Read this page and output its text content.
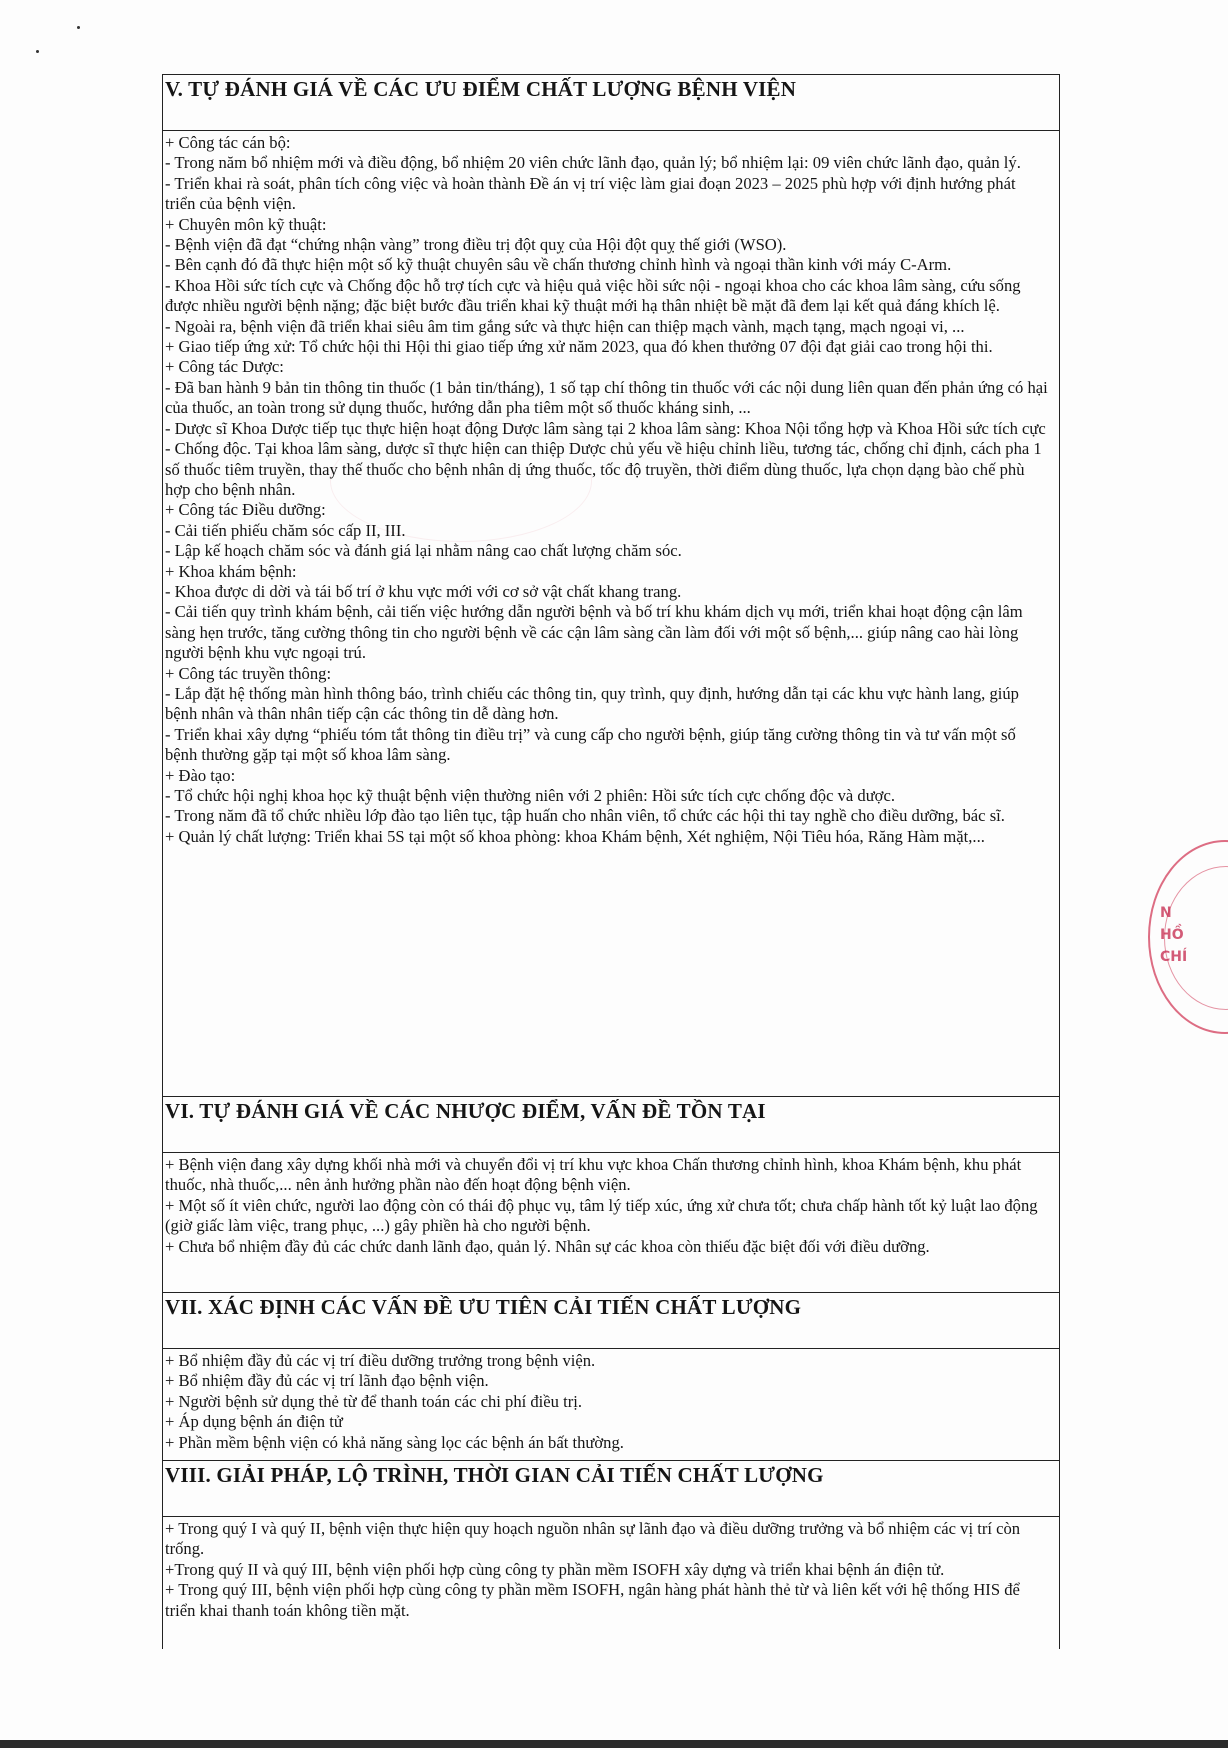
V. TỰ ĐÁNH GIÁ VỀ CÁC ƯU ĐIỂM CHẤT LƯỢNG BỆNH VIỆN

+ Công tác cán bộ:

- Trong năm bổ nhiệm mới và điều động, bổ nhiệm 20 viên chức lãnh đạo, quản lý; bổ nhiệm lại: 09 viên chức lãnh đạo, quản lý.

- Triển khai rà soát, phân tích công việc và hoàn thành Đề án vị trí việc làm giai đoạn 2023 – 2025 phù hợp với định hướng phát triển của bệnh viện.

+ Chuyên môn kỹ thuật:

- Bệnh viện đã đạt “chứng nhận vàng” trong điều trị đột quỵ của Hội đột quỵ thế giới (WSO).

- Bên cạnh đó đã thực hiện một số kỹ thuật chuyên sâu về chấn thương chỉnh hình và ngoại thần kinh với máy C-Arm.

- Khoa Hồi sức tích cực và Chống độc hỗ trợ tích cực và hiệu quả việc hồi sức nội - ngoại khoa cho các khoa lâm sàng, cứu sống được nhiều người bệnh nặng; đặc biệt bước đầu triển khai kỹ thuật mới hạ thân nhiệt bề mặt đã đem lại kết quả đáng khích lệ.

- Ngoài ra, bệnh viện đã triển khai siêu âm tim gắng sức và thực hiện can thiệp mạch vành, mạch tạng, mạch ngoại vi, ...

+ Giao tiếp ứng xử: Tổ chức hội thi Hội thi giao tiếp ứng xử năm 2023, qua đó khen thưởng 07 đội đạt giải cao trong hội thi.

+ Công tác Dược:

- Đã ban hành 9 bản tin thông tin thuốc (1 bản tin/tháng), 1 số tạp chí thông tin thuốc với các nội dung liên quan đến phản ứng có hại của thuốc, an toàn trong sử dụng thuốc, hướng dẫn pha tiêm một số thuốc kháng sinh, ...

- Dược sĩ Khoa Dược tiếp tục thực hiện hoạt động Dược lâm sàng tại 2 khoa lâm sàng: Khoa Nội tổng hợp và Khoa Hồi sức tích cực - Chống độc. Tại khoa lâm sàng, dược sĩ thực hiện can thiệp Dược chủ yếu về hiệu chỉnh liều, tương tác, chống chỉ định, cách pha 1 số thuốc tiêm truyền, thay thế thuốc cho bệnh nhân dị ứng thuốc, tốc độ truyền, thời điểm dùng thuốc, lựa chọn dạng bào chế phù hợp cho bệnh nhân.

+ Công tác Điều dưỡng:

- Cải tiến phiếu chăm sóc cấp II, III.

- Lập kế hoạch chăm sóc và đánh giá lại nhằm nâng cao chất lượng chăm sóc.

+ Khoa khám bệnh:

- Khoa được di dời và tái bố trí ở khu vực mới với cơ sở vật chất khang trang.

- Cải tiến quy trình khám bệnh, cải tiến việc hướng dẫn người bệnh và bố trí khu khám dịch vụ mới, triển khai hoạt động cận lâm sàng hẹn trước, tăng cường thông tin cho người bệnh về các cận lâm sàng cần làm đối với một số bệnh,... giúp nâng cao hài lòng người bệnh khu vực ngoại trú.

+ Công tác truyền thông:

- Lắp đặt hệ thống màn hình thông báo, trình chiếu các thông tin, quy trình, quy định, hướng dẫn tại các khu vực hành lang, giúp bệnh nhân và thân nhân tiếp cận các thông tin dễ dàng hơn.

- Triển khai xây dựng “phiếu tóm tắt thông tin điều trị” và cung cấp cho người bệnh, giúp tăng cường thông tin và tư vấn một số bệnh thường gặp tại một số khoa lâm sàng.

+ Đào tạo:

- Tổ chức hội nghị khoa học kỹ thuật bệnh viện thường niên với 2 phiên: Hồi sức tích cực chống độc và dược.

- Trong năm đã tổ chức nhiều lớp đào tạo liên tục, tập huấn cho nhân viên, tổ chức các hội thi tay nghề cho điều dưỡng, bác sĩ.

+ Quản lý chất lượng: Triển khai 5S tại một số khoa phòng: khoa Khám bệnh, Xét nghiệm, Nội Tiêu hóa, Răng Hàm mặt,...

VI. TỰ ĐÁNH GIÁ VỀ CÁC NHƯỢC ĐIỂM, VẤN ĐỀ TỒN TẠI

+ Bệnh viện đang xây dựng khối nhà mới và chuyển đổi vị trí khu vực khoa Chấn thương chỉnh hình, khoa Khám bệnh, khu phát thuốc, nhà thuốc,... nên ảnh hưởng phần nào đến hoạt động bệnh viện.

+ Một số ít viên chức, người lao động còn có thái độ phục vụ, tâm lý tiếp xúc, ứng xử chưa tốt; chưa chấp hành tốt kỷ luật lao động (giờ giấc làm việc, trang phục, ...) gây phiền hà cho người bệnh.

+ Chưa bổ nhiệm đầy đủ các chức danh lãnh đạo, quản lý. Nhân sự các khoa còn thiếu đặc biệt đối với điều dưỡng.

VII. XÁC ĐỊNH CÁC VẤN ĐỀ ƯU TIÊN CẢI TIẾN CHẤT LƯỢNG

+ Bổ nhiệm đầy đủ các vị trí điều dưỡng trưởng trong bệnh viện.

+ Bổ nhiệm đầy đủ các vị trí lãnh đạo bệnh viện.

+ Người bệnh sử dụng thẻ từ để thanh toán các chi phí điều trị.

+ Áp dụng bệnh án điện tử

+ Phần mềm bệnh viện có khả năng sàng lọc các bệnh án bất thường.

VIII. GIẢI PHÁP, LỘ TRÌNH, THỜI GIAN CẢI TIẾN CHẤT LƯỢNG

+ Trong quý I và quý II, bệnh viện thực hiện quy hoạch nguồn nhân sự lãnh đạo và điều dưỡng trưởng và bổ nhiệm các vị trí còn trống.

+Trong quý II và quý III, bệnh viện phối hợp cùng công ty phần mềm ISOFH xây dựng và triển khai bệnh án điện tử.

+ Trong quý III, bệnh viện phối hợp cùng công ty phần mềm ISOFH, ngân hàng phát hành thẻ từ và liên kết với hệ thống HIS để triển khai thanh toán không tiền mặt.

N
HỒ
CHÍ
